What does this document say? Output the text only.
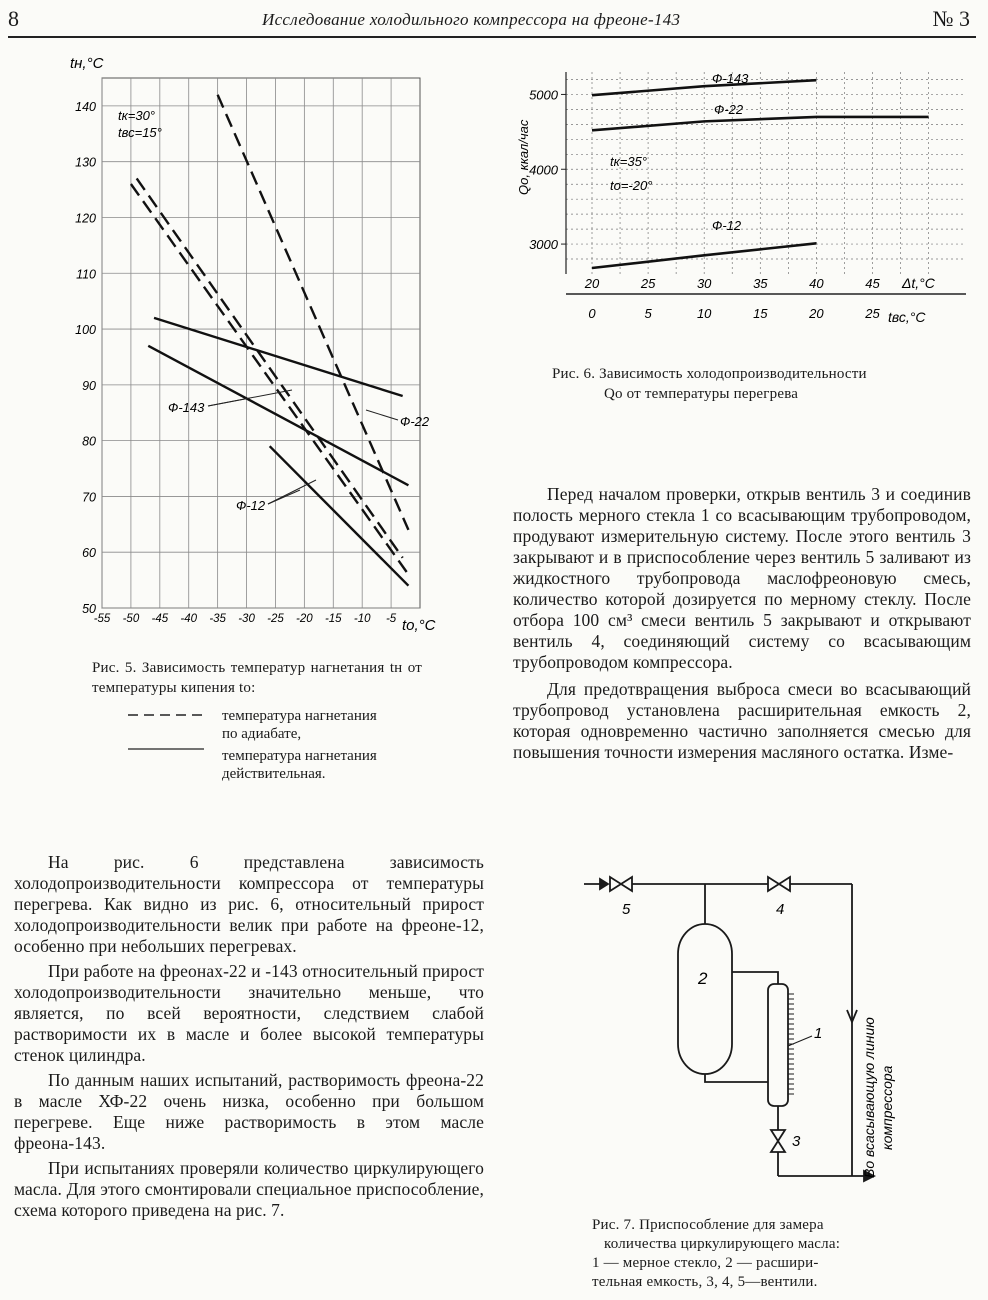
8	Исследование холодильного компрессора на фреоне-143	№ 3
-55 -50 -45 -40 -35 -30 -25 -20 -15 -10 -5
140
130
120
110
100
90
80
70
60
50
tн,°C
tо,°C
tк=30°
tвс=15°
Ф-143
Ф-22
Ф-12
Рис. 5. Зависимость температур нагнетания tн от температуры кипения tо:
температура нагнетания
по адиабате,
температура нагнетания
действительная.
5000
4000
3000
20	25	30	35	40	45
0	5	10	15	20	25
Qо, ккал/час
Δt,°C
tвс,°C
tк=35°
tо=-20°
Ф-143
Ф-22
Ф-12
Рис. 6. Зависимость холодопроизводительности
Qо от температуры перегрева

Перед началом проверки, открыв вентиль 3 и соединив полость мерного стекла 1 со всасывающим трубопроводом, продувают измерительную систему. После этого вентиль 3 закрывают и в приспособление через вентиль 5 заливают из жидкостного трубопровода маслофреоновую смесь, количество которой дозируется по мерному стеклу. После отбора 100 см³ смеси вентиль 5 закрывают и открывают вентиль 4, соединяющий систему со всасывающим трубопроводом компрессора.

Для предотвращения выброса смеси во всасывающий трубопровод установлена расширительная емкость 2, которая одновременно частично заполняется смесью для повышения точности измерения масляного остатка. Изме-

На рис. 6 представлена зависимость холодопроизводительности компрессора от температуры перегрева. Как видно из рис. 6, относительный прирост холодопроизводительности велик при работе на фреоне-12, особенно при небольших перегревах.

При работе на фреонах-22 и -143 относительный прирост холодопроизводительности значительно меньше, что является, по всей вероятности, следствием слабой растворимости их в масле и более высокой температуры стенок цилиндра.

По данным наших испытаний, растворимость фреона-22 в масле ХФ-22 очень низка, особенно при большом перегреве. Еще ниже растворимость в этом масле фреона-143.

При испытаниях проверяли количество циркулирующего масла. Для этого смонтировали специальное приспособление, схема которого приведена на рис. 7.

5	4
3
2
1	Во всасывающую линию компрессора
Рис. 7. Приспособление для замера
количества циркулирующего масла:
1 — мерное стекло, 2 — расшири-
тельная емкость, 3, 4, 5—вентили.
